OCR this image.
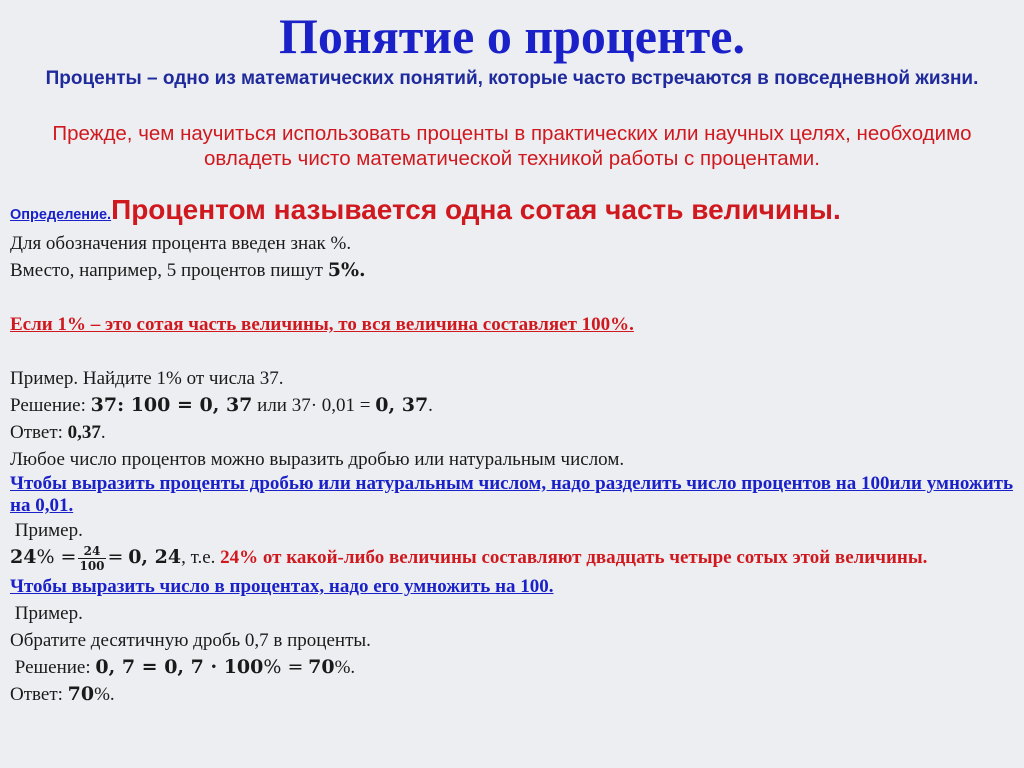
Понятие о проценте.
Проценты – одно из математических понятий, которые часто встречаются в повседневной жизни.
Прежде, чем научиться использовать проценты в практических или научных целях, необходимо овладеть чисто математической техникой работы с процентами.
Определение.Процентом называется одна сотая часть величины.
Для обозначения процента введен знак %.
Вместо, например, 5 процентов пишут 5%.
Если 1% – это сотая часть величины, то вся величина составляет 100%.
Пример. Найдите 1% от числа 37.
Решение: 37: 100 = 0, 37 или 37· 0,01 = 0, 37.
Ответ: 0,37.
Любое число процентов можно выразить дробью или натуральным числом.
Чтобы выразить проценты дробью или натуральным числом, надо разделить число процентов на 100или умножить на 0,01.
Пример.
$24\% = \frac{24}{100} = 0$, 24, т.е. 24% от какой-либо величины составляют двадцать четыре сотых этой величины.
Чтобы выразить число в процентах, надо его умножить на 100.
Пример.
Обратите десятичную дробь 0,7 в проценты.
Решение: 0, 7 = 0, 7 · 100% = 70%.
Ответ: 70%.
